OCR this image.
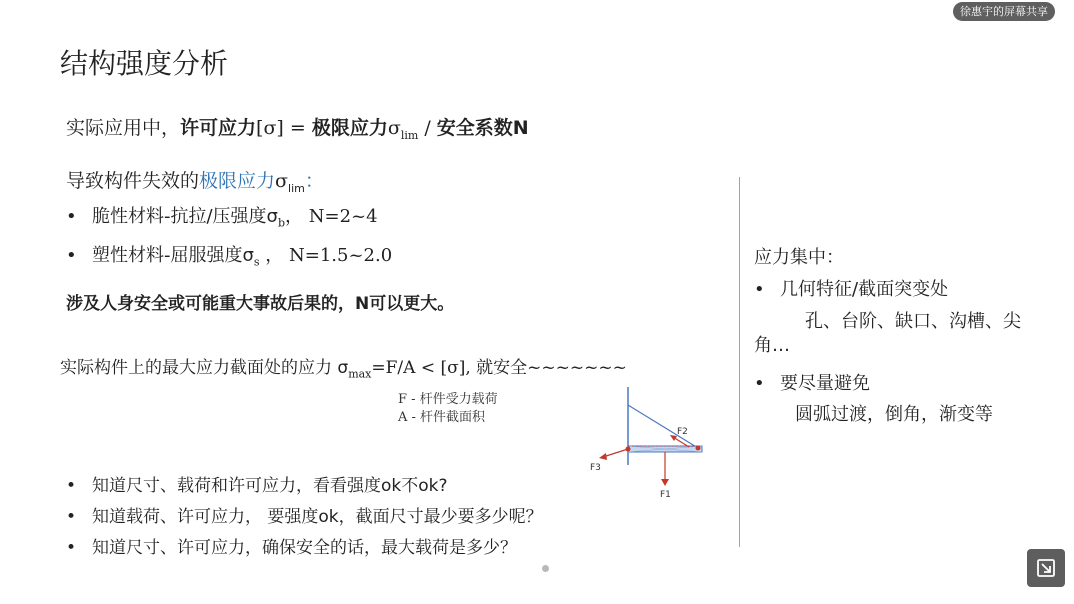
徐惠宇的屏幕共享
结构强度分析
实际应用中，许可应力[σ] = 极限应力$\sigma_{lim}$ / 安全系数N
导致构件失效的极限应力$\sigma_{lim}$：
• 脆性材料-抗拉/压强度$\sigma_b$， N=2~4
• 塑性材料-屈服强度$\sigma_s$ ， N=1.5~2.0
涉及人身安全或可能重大事故后果的，N可以更大。
实际构件上的最大应力截面处的应力 $\sigma_{max}=F/A < [\sigma]$, 就安全~~~~~~~
F - 杆件受力载荷
A - 杆件截面积
F2
F3
F1
• 知道尺寸、载荷和许可应力，看看强度ok不ok?
• 知道载荷、许可应力， 要强度ok，截面尺寸最少要多少呢？
• 知道尺寸、许可应力，确保安全的话，最大载荷是多少？
应力集中：
• 几何特征/截面突变处
孔、台阶、缺口、沟槽、尖
角…
• 要尽量避免
圆弧过渡，倒角，渐变等
